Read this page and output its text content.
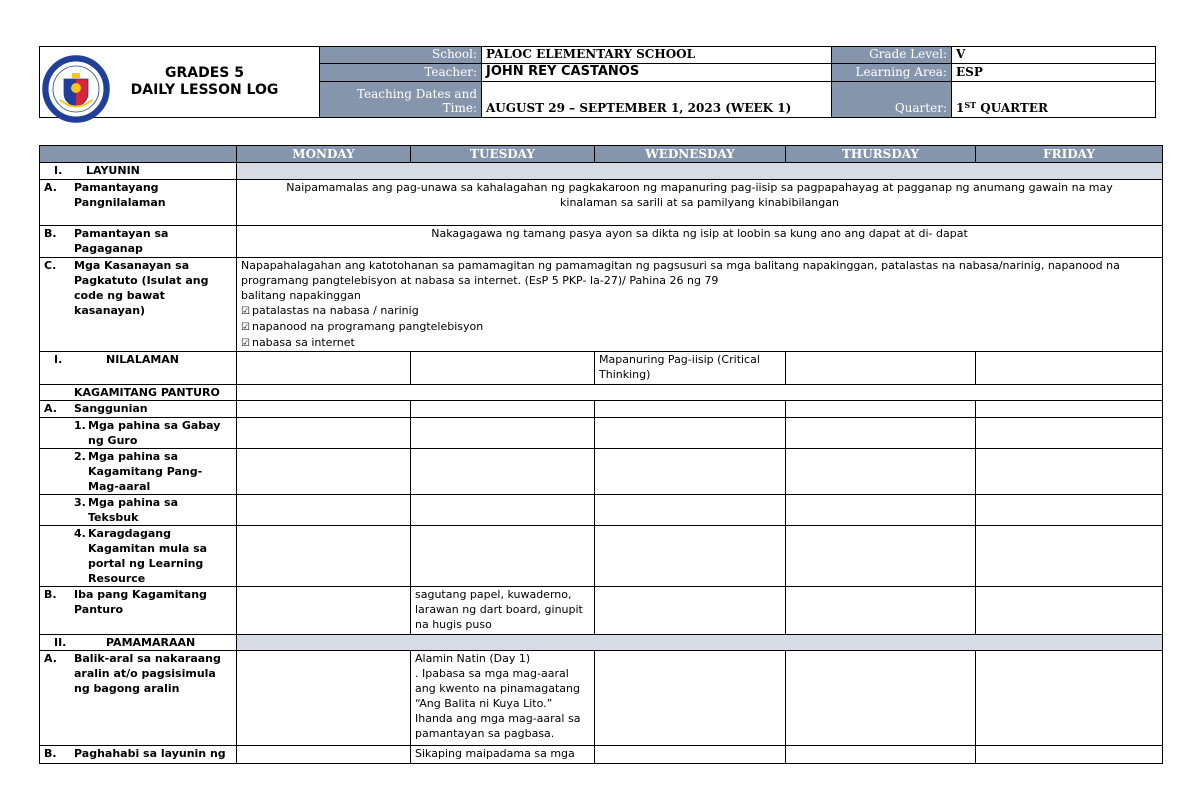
GRADES 5
DAILY LESSON LOG	School:	PALOC ELEMENTARY SCHOOL	Grade Level:	V
	Teacher:	JOHN REY CASTANOS	Learning Area:	ESP

	Teaching Dates and
Time:	AUGUST 29 – SEPTEMBER 1, 2023 (WEEK 1)	Quarter:	1ST QUARTER
	MONDAY	TUESDAY	WEDNESDAY	THURSDAY	FRIDAY

I. LAYUNIN					

A. Pamantayang Pangnilalaman	Naipamamalas ang pag-unawa sa kahalagahan ng pagkakaroon ng mapanuring pag-iisip sa pagpapahayag at pagganap ng anumang gawain na may kinalaman sa sarili at sa pamilyang kinabibilangan				

B. Pamantayan sa Pagaganap	Nakagagawa ng tamang pasya ayon sa dikta ng isip at loobin sa kung ano ang dapat at di- dapat				

C. Mga Kasanayan sa Pagkatuto (Isulat ang code ng bawat kasanayan)	Napapahalagahan ang katotohanan sa pamamagitan ng pamamagitan ng pagsusuri sa mga balitang napakinggan, patalastas na nabasa/narinig, napanood na programang pangtelebisyon at nabasa sa internet. (EsP 5 PKP- Ia-27)/ Pahina 26 ng 79
balitang napakinggan
☑ patalastas na nabasa / narinig
☑ napanood na programang pangtelebisyon
☑ nabasa sa internet				

I. NILALAMAN			Mapanuring Pag-iisip (Critical Thinking)		

KAGAMITANG PANTURO					

A. Sanggunian					

1. Mga pahina sa Gabay ng Guro					

2. Mga pahina sa Kagamitang Pang-Mag-aaral					

3. Mga pahina sa Teksbuk					

4. Karagdagang Kagamitan mula sa portal ng Learning Resource					

B. Iba pang Kagamitang Panturo		sagutang papel, kuwaderno, larawan ng dart board, ginupit na hugis puso			

II. PAMAMARAAN					

A. Balik-aral sa nakaraang aralin at/o pagsisimula ng bagong aralin		Alamin Natin (Day 1)
. Ipabasa sa mga mag-aaral ang kwento na pinamagatang “Ang Balita ni Kuya Lito.” Ihanda ang mga mag-aaral sa pamantayan sa pagbasa.			

B. Paghahabi sa layunin ng		Sikaping maipadama sa mga			
